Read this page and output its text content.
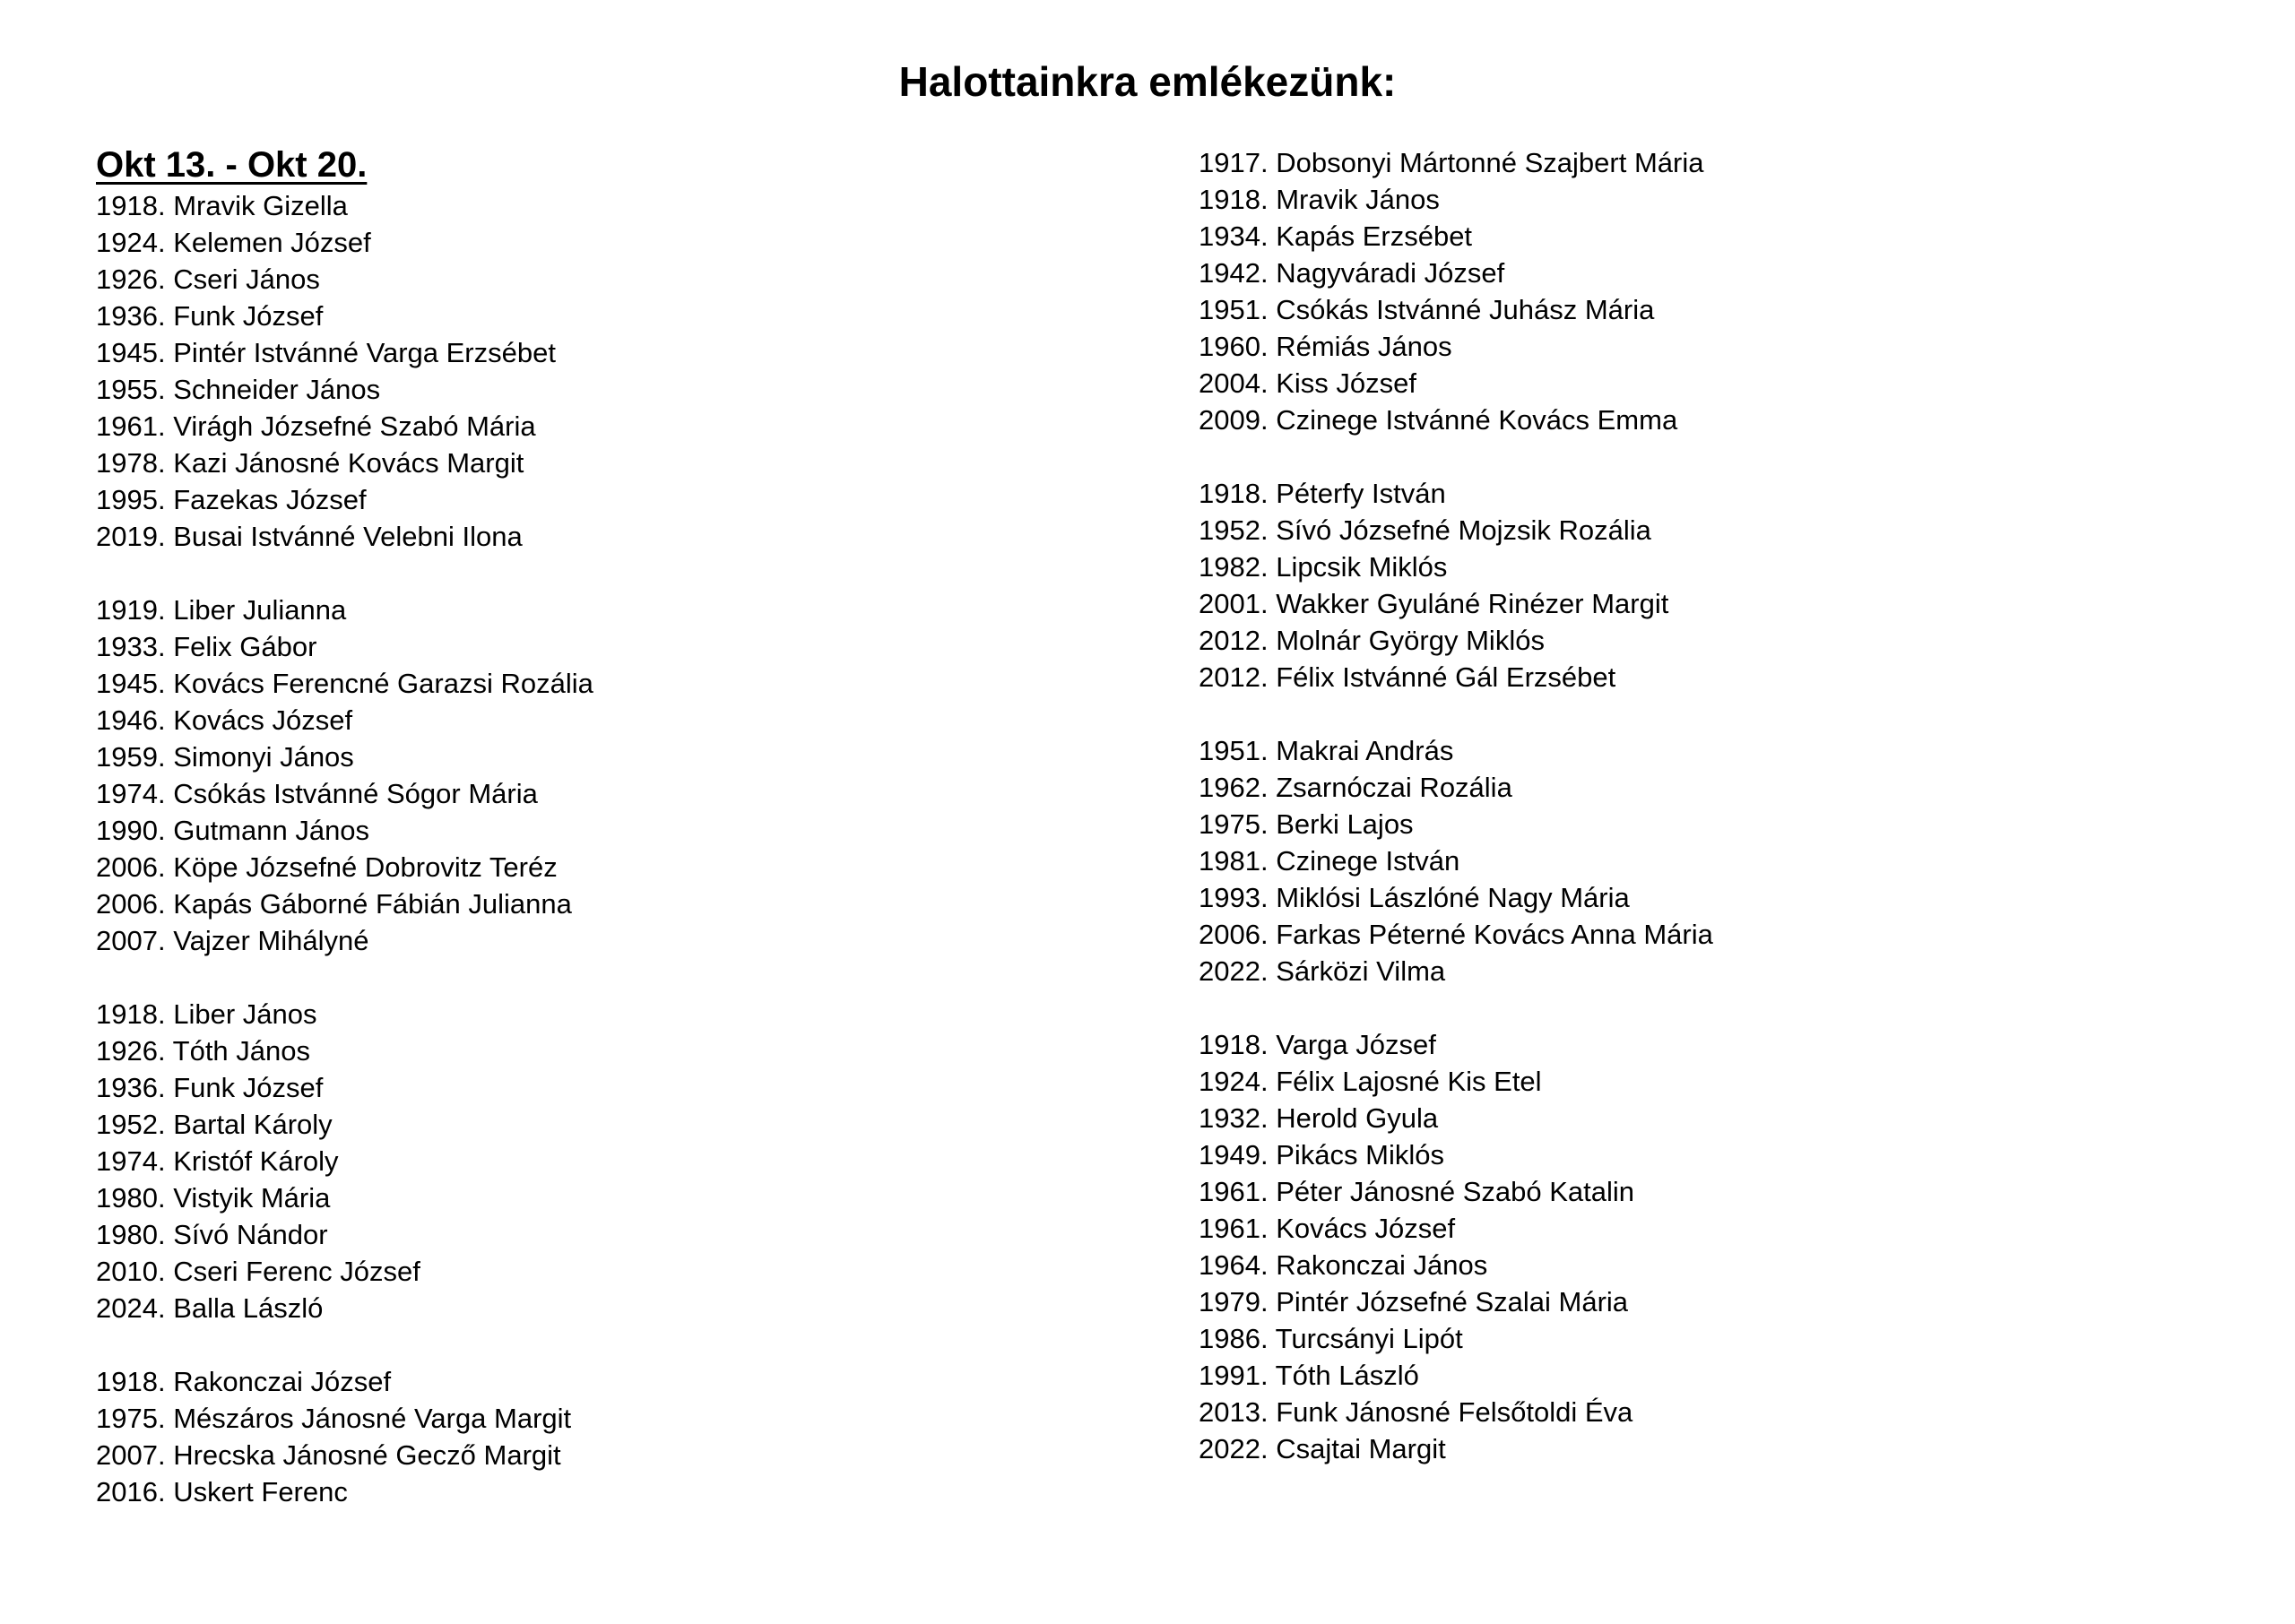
Halottainkra emlékezünk:
Okt 13. - Okt 20.
1918. Mravik Gizella
1924. Kelemen József
1926. Cseri János
1936. Funk József
1945. Pintér Istvánné Varga Erzsébet
1955. Schneider János
1961. Virágh Józsefné Szabó Mária
1978. Kazi Jánosné Kovács Margit
1995. Fazekas József
2019. Busai Istvánné Velebni Ilona
1919. Liber Julianna
1933. Felix Gábor
1945. Kovács Ferencné Garazsi Rozália
1946. Kovács József
1959. Simonyi János
1974. Csókás Istvánné Sógor Mária
1990. Gutmann János
2006. Köpe Józsefné Dobrovitz Teréz
2006. Kapás Gáborné Fábián Julianna
2007. Vajzer Mihályné
1918. Liber János
1926. Tóth János
1936. Funk József
1952. Bartal Károly
1974. Kristóf Károly
1980. Vistyik Mária
1980. Sívó Nándor
2010. Cseri Ferenc József
2024. Balla László
1918. Rakonczai József
1975. Mészáros Jánosné Varga Margit
2007. Hrecska Jánosné Gecző Margit
2016. Uskert Ferenc
1917. Dobsonyi Mártonné Szajbert Mária
1918. Mravik János
1934. Kapás Erzsébet
1942. Nagyváradi József
1951. Csókás Istvánné Juhász Mária
1960. Rémiás János
2004. Kiss József
2009. Czinege Istvánné Kovács Emma
1918. Péterfy István
1952. Sívó Józsefné Mojzsik Rozália
1982. Lipcsik Miklós
2001. Wakker Gyuláné Rinézer Margit
2012. Molnár György Miklós
2012. Félix Istvánné Gál Erzsébet
1951. Makrai András
1962. Zsarnóczai Rozália
1975. Berki Lajos
1981. Czinege István
1993. Miklósi Lászlóné Nagy Mária
2006. Farkas Péterné Kovács Anna Mária
2022. Sárközi Vilma
1918. Varga József
1924. Félix Lajosné Kis Etel
1932. Herold Gyula
1949. Pikács Miklós
1961. Péter Jánosné Szabó Katalin
1961. Kovács József
1964. Rakonczai János
1979. Pintér Józsefné Szalai Mária
1986. Turcsányi Lipót
1991. Tóth László
2013. Funk Jánosné Felsőtoldi Éva
2022. Csajtai Margit
